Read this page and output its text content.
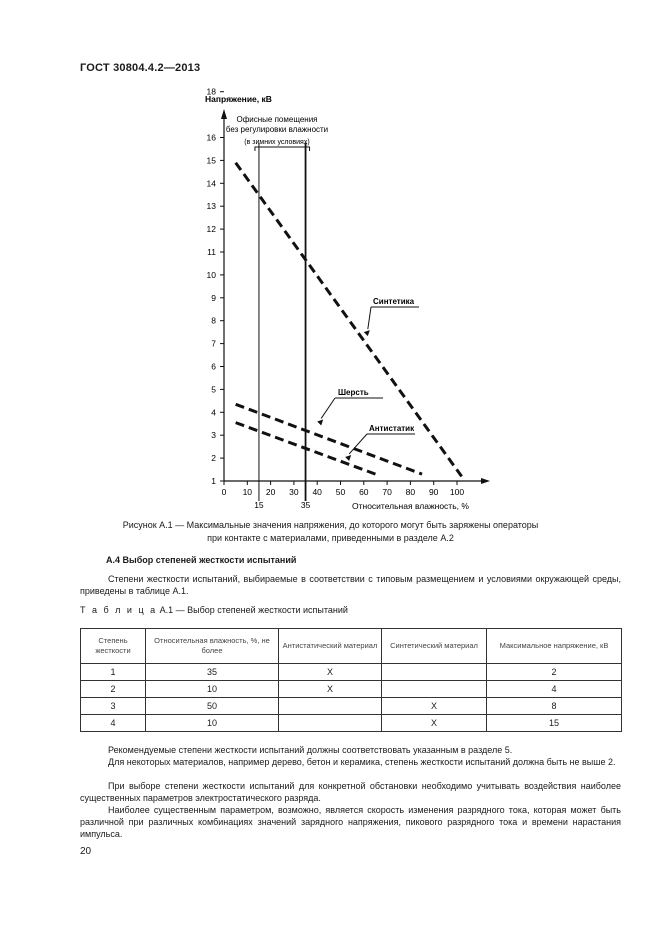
ГОСТ 30804.4.2—2013
Напряжение, кВ
Относительная влажность, %
1
2
3
4
5
6
7
8
9
10
11
12
13
14
15
16
18
0 10 20 30 40 50 60 70 80 90 100
15	35
Офисные помещения
без регулировки влажности
(в зимних условиях)
Синтетика
Шерсть
Антистатик
Рисунок А.1 — Максимальные значения напряжения, до которого могут быть заряжены операторы
при контакте с материалами, приведенными в разделе А.2
А.4 Выбор степеней жесткости испытаний
Степени жесткости испытаний, выбираемые в соответствии с типовым размещением и условиями окружающей среды, приведены в таблице А.1.
Т а б л и ц а А.1 — Выбор степеней жесткости испытаний
Степень жесткости	Относительная влажность, %, не более	Антистатический материал	Синтетический материал	Максимальное напряжение, кВ
1	35	X		2
2	10	X		4
3	50		X	8
4	10		X	15
Рекомендуемые степени жесткости испытаний должны соответствовать указанным в разделе 5.
Для некоторых материалов, например дерево, бетон и керамика, степень жесткости испытаний должна быть не выше 2.
При выборе степени жесткости испытаний для конкретной обстановки необходимо учитывать воздействия наиболее существенных параметров электростатического разряда.
Наиболее существенным параметром, возможно, является скорость изменения разрядного тока, которая может быть различной при различных комбинациях значений зарядного напряжения, пикового разрядного тока и времени нарастания импульса.
20
